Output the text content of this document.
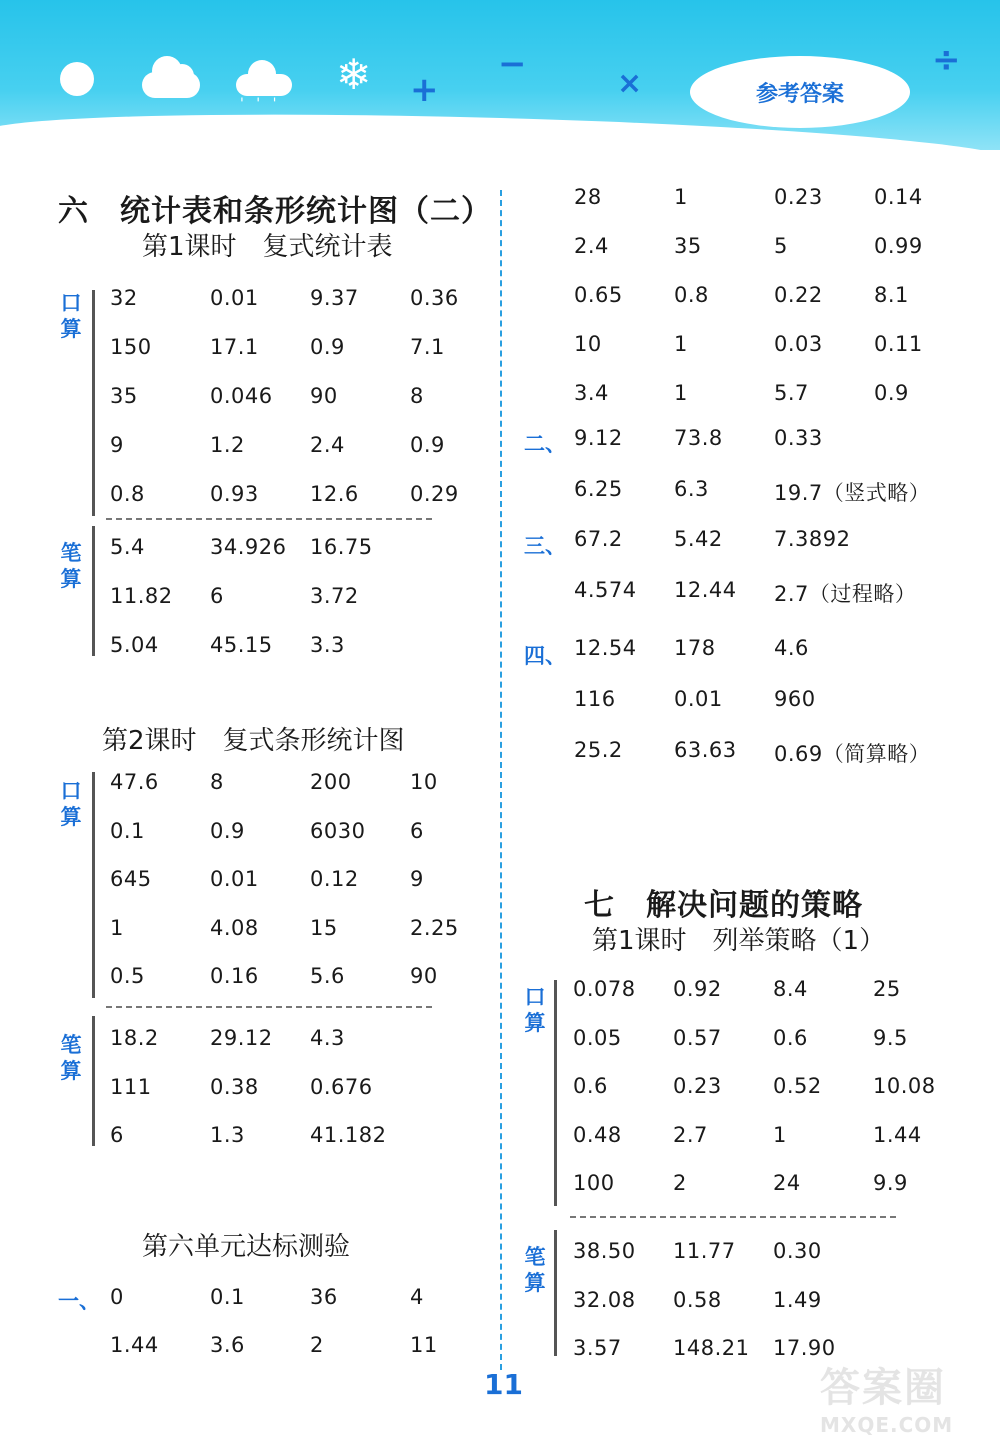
' ' '
❄ +
−	×
÷
参考答案
六　统计表和条形统计图（二）
第1课时　复式统计表
口算
32	0.01 9.37 0.36
150	17.1 0.9	7.1
35	0.046 90	8
9	1.2	2.4	0.9
0.8	0.93 12.6 0.29
笔算
5.4	34.926 16.75
11.82 6	3.72
5.04 45.15 3.3
第2课时　复式条形统计图
口算
47.6 8	200	10
0.1	0.9	6030 6
645	0.01 0.12 9
1	4.08 15	2.25
0.5	0.16 5.6	90
笔算
18.2 29.12 4.3
111	0.38 0.676
6	1.3	41.182
第六单元达标测验
一、 0	0.1	36	4
1.44 3.6	2	11
28	1	0.23 0.14
2.4	35	5	0.99
0.65 0.8	0.22 8.1
10	1	0.03 0.11
3.4	1	5.7	0.9
二、 9.12 73.8 0.33
6.25 6.3	19.7（竖式略）
三、 67.2 5.42 7.3892
4.574 12.44 2.7（过程略）
四、 12.54 178	4.6
116	0.01 960
25.2 63.63 0.69（简算略）
七　解决问题的策略
第1课时　列举策略（1）
口算
0.078 0.92 8.4	25
0.05 0.57 0.6	9.5
0.6	0.23 0.52 10.08
0.48 2.7	1	1.44
100	2	24	9.9
笔算
38.50 11.77 0.30
32.08 0.58 1.49
3.57 148.21 17.90
11	答案圈
MXQE.COM
